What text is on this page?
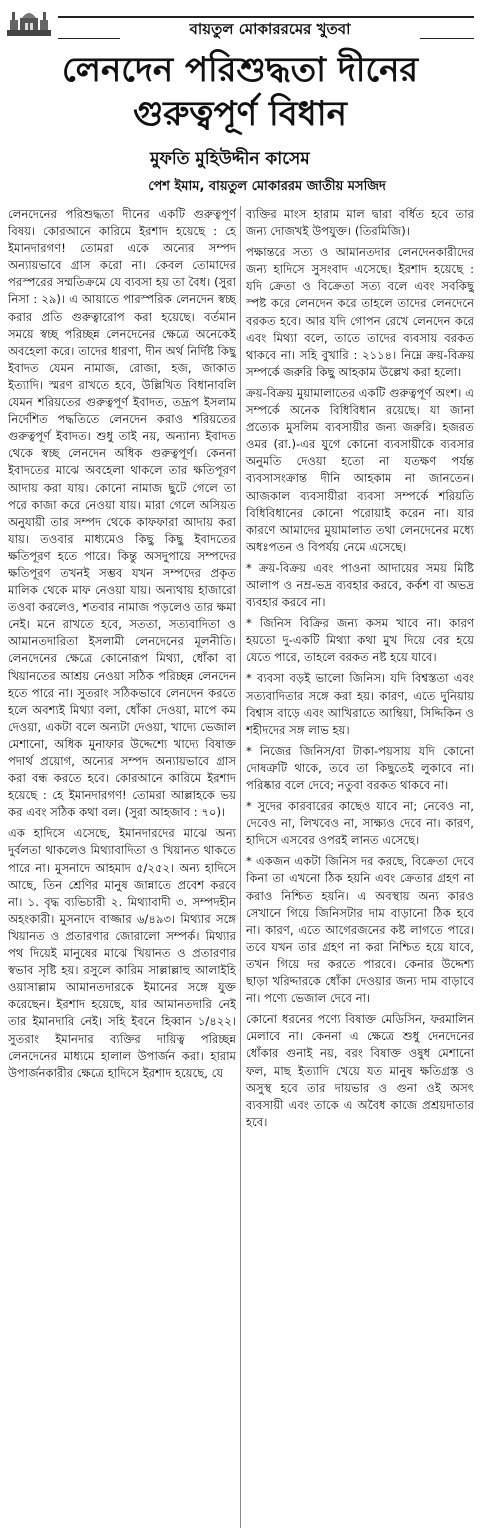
বায়তুল মোকাররমের খুতবা
লেনদেন পরিশুদ্ধতা দীনের
গুরুত্বপূর্ণ বিধান
মুফতি মুহিউদ্দীন কাসেম
পেশ ইমাম, বায়তুল মোকাররম জাতীয় মসজিদ

লেনদেনের পরিশুদ্ধতা দীনের একটি গুরুত্বপূর্ণ বিষয়। কোরআনে কারিমে ইরশাদ হয়েছে : হে ইমানদারগণ! তোমরা একে অন্যের সম্পদ অন্যায়ভাবে গ্রাস করো না। কেবল তোমাদের পরস্পরের সম্মতিক্রমে যে ব্যবসা হয় তা বৈধ। (সুরা নিসা : ২৯)। এ আয়াতে পারস্পরিক লেনদেন স্বচ্ছ করার প্রতি গুরুত্বারোপ করা হয়েছে। বর্তমান সময়ে স্বচ্ছ পরিচ্ছন্ন লেনদেনের ক্ষেত্রে অনেকেই অবহেলা করে। তাদের ধারণা, দীন অর্থ নির্দিষ্ট কিছু ইবাদত যেমন নামাজ, রোজা, হজ, জাকাত ইত্যাদি। স্মরণ রাখতে হবে, উল্লিখিত বিধানাবলি যেমন শরিয়তের গুরুত্বপূর্ণ ইবাদত, তদ্রূপ ইসলাম নির্দেশিত পদ্ধতিতে লেনদেন করাও শরিয়তের গুরুত্বপূর্ণ ইবাদত। শুধু তাই নয়, অন্যান্য ইবাদত থেকে স্বচ্ছ লেনদেন অধিক গুরুত্বপূর্ণ। কেননা ইবাদতের মাঝে অবহেলা থাকলে তার ক্ষতিপূরণ আদায় করা যায়। কোনো নামাজ ছুটে গেলে তা পরে কাজা করে নেওয়া যায়। মারা গেলে অসিয়ত অনুযায়ী তার সম্পদ থেকে কাফফারা আদায় করা যায়। তওবার মাধ্যমেও কিছু কিছু ইবাদতের ক্ষতিপূরণ হতে পারে। কিন্তু অসদুপায়ে সম্পদের ক্ষতিপূরণ তখনই সম্ভব যখন সম্পদের প্রকৃত মালিক থেকে মাফ নেওয়া যায়। অন্যথায় হাজারো তওবা করলেও, শতবার নামাজ পড়লেও তার ক্ষমা নেই। মনে রাখতে হবে, সততা, সত্যবাদিতা ও আমানতদারিতা ইসলামী লেনদেনের মূলনীতি। লেনদেনের ক্ষেত্রে কোনোরূপ মিথ্যা, ধোঁকা বা খিয়ানতের আশ্রয় নেওয়া সঠিক পরিচ্ছন্ন লেনদেন হতে পারে না। সুতরাং সঠিকভাবে লেনদেন করতে হলে অবশ্যই মিথ্যা বলা, ধোঁকা দেওয়া, মাপে কম দেওয়া, একটা বলে অন্যটা দেওয়া, খাদ্যে ভেজাল মেশানো, অধিক মুনাফার উদ্দেশ্যে খাদ্যে বিষাক্ত পদার্থ প্রয়োগ, অন্যের সম্পদ অন্যায়ভাবে গ্রাস করা বন্ধ করতে হবে। কোরআনে কারিমে ইরশাদ হয়েছে : হে ইমানদারগণ! তোমরা আল্লাহকে ভয় কর এবং সঠিক কথা বল। (সুরা আহজাব : ৭০)।

এক হাদিসে এসেছে, ইমানদারদের মাঝে অন্য দুর্বলতা থাকলেও মিথ্যাবাদিতা ও খিয়ানত থাকতে পারে না। মুসনাদে আহমাদ ৫/২৫২। অন্য হাদিসে আছে, তিন শ্রেণির মানুষ জান্নাতে প্রবেশ করবে না। ১. বৃদ্ধ ব্যভিচারী ২. মিথ্যাবাদী ৩. সম্পদহীন অহংকারী। মুসনাদে বাজ্জার ৬/৪৯৩। মিথ্যার সঙ্গে খিয়ানত ও প্রতারণার জোরালো সম্পর্ক। মিথ্যার পথ দিয়েই মানুষের মাঝে খিয়ানত ও প্রতারণার স্বভাব সৃষ্টি হয়। রসুলে কারিম সাল্লাল্লাহু আলাইহি ওয়াসাল্লাম আমানতদারকে ইমানের সঙ্গে যুক্ত করেছেন। ইরশাদ হয়েছে, যার আমানতদারি নেই তার ইমানদারি নেই। সহি ইবনে হিব্বান ১/৪২২। সুতরাং ইমানদার ব্যক্তির দায়িত্ব পরিচ্ছন্ন লেনদেনের মাধ্যমে হালাল উপার্জন করা। হারাম উপার্জনকারীর ক্ষেত্রে হাদিসে ইরশাদ হয়েছে, যে

ব্যক্তির মাংস হারাম মাল দ্বারা বর্ধিত হবে তার জন্য দোজখই উপযুক্ত। (তিরমিজি)।

পক্ষান্তরে সত্য ও আমানতদার লেনদেনকারীদের জন্য হাদিসে সুসংবাদ এসেছে। ইরশাদ হয়েছে : যদি ক্রেতা ও বিক্রেতা সত্য বলে এবং সবকিছু স্পষ্ট করে লেনদেন করে তাহলে তাদের লেনদেনে বরকত হবে। আর যদি গোপন রেখে লেনদেন করে এবং মিথ্যা বলে, তাতে তাদের ব্যবসায় বরকত থাকবে না। সহি বুখারি : ২১১৪। নিম্নে ক্রয়-বিক্রয় সম্পর্কে জরুরি কিছু আহকাম উল্লেখ করা হলো।

ক্রয়-বিক্রয় মুয়ামালাতের একটি গুরুত্বপূর্ণ অংশ। এ সম্পর্কে অনেক বিধিবিধান রয়েছে। যা জানা প্রত্যেক মুসলিম ব্যবসায়ীর জন্য জরুরি। হজরত ওমর (রা.)-এর যুগে কোনো ব্যবসায়ীকে ব্যবসার অনুমতি দেওয়া হতো না যতক্ষণ পর্যন্ত ব্যবসাসংক্রান্ত দীনি আহকাম না জানতেন। আজকাল ব্যবসায়ীরা ব্যবসা সম্পর্কে শরিয়তি বিধিবিধানের কোনো পরোয়াই করেন না। যার কারণে আমাদের মুয়ামালাত তথা লেনদেনের মধ্যে অধঃপতন ও বিপর্যয় নেমে এসেছে।

* ক্রয়-বিক্রয় এবং পাওনা আদায়ের সময় মিষ্টি আলাপ ও নম্র-ভদ্র ব্যবহার করবে, কর্কশ বা অভদ্র ব্যবহার করবে না।

* জিনিস বিক্রির জন্য কসম খাবে না। কারণ হয়তো দু-একটি মিথ্যা কথা মুখ দিয়ে বের হয়ে যেতে পারে, তাহলে বরকত নষ্ট হয়ে যাবে।

* ব্যবসা বড়ই ভালো জিনিস। যদি বিশ্বস্ততা এবং সত্যবাদিতার সঙ্গে করা হয়। কারণ, এতে দুনিয়ায় বিশ্বাস বাড়ে এবং আখিরাতে আম্বিয়া, সিদ্দিকিন ও শহীদদের সঙ্গ লাভ হয়।

* নিজের জিনিস/বা টাকা-পয়সায় যদি কোনো দোষত্রুটি থাকে, তবে তা কিছুতেই লুকাবে না। পরিষ্কার বলে দেবে; নতুবা বরকত থাকবে না।

* সুদের কারবারের কাছেও যাবে না; নেবেও না, দেবেও না, লিখবেও না, সাক্ষ্যও দেবে না। কারণ, হাদিসে এসবের ওপরই লানত এসেছে।

* একজন একটা জিনিস দর করছে, বিক্রেতা দেবে কিনা তা এখনো ঠিক হয়নি এবং ক্রেতার গ্রহণ না করাও নিশ্চিত হয়নি। এ অবস্থায় অন্য কারও সেখানে গিয়ে জিনিসটার দাম বাড়ানো ঠিক হবে না। কারণ, এতে আগেরজনের কষ্ট লাগতে পারে। তবে যখন তার গ্রহণ না করা নিশ্চিত হয়ে যাবে, তখন গিয়ে দর করতে পারবে। কেনার উদ্দেশ্য ছাড়া খরিদ্দারকে ধোঁকা দেওয়ার জন্য দাম বাড়াবে না। পণ্যে ভেজাল দেবে না।

কোনো ধরনের পণ্যে বিষাক্ত মেডিসিন, ফরমালিন মেলাবে না। কেননা এ ক্ষেত্রে শুধু দেনদেনের ধোঁকার গুনাই নয়, বরং বিষাক্ত ওষুধ মেশানো ফল, মাছ ইত্যাদি খেয়ে যত মানুষ ক্ষতিগ্রস্ত ও অসুস্থ হবে তার দায়ভার ও গুনা ওই অসৎ ব্যবসায়ী এবং তাকে এ অবৈধ কাজে প্রশ্রয়দাতার হবে।
